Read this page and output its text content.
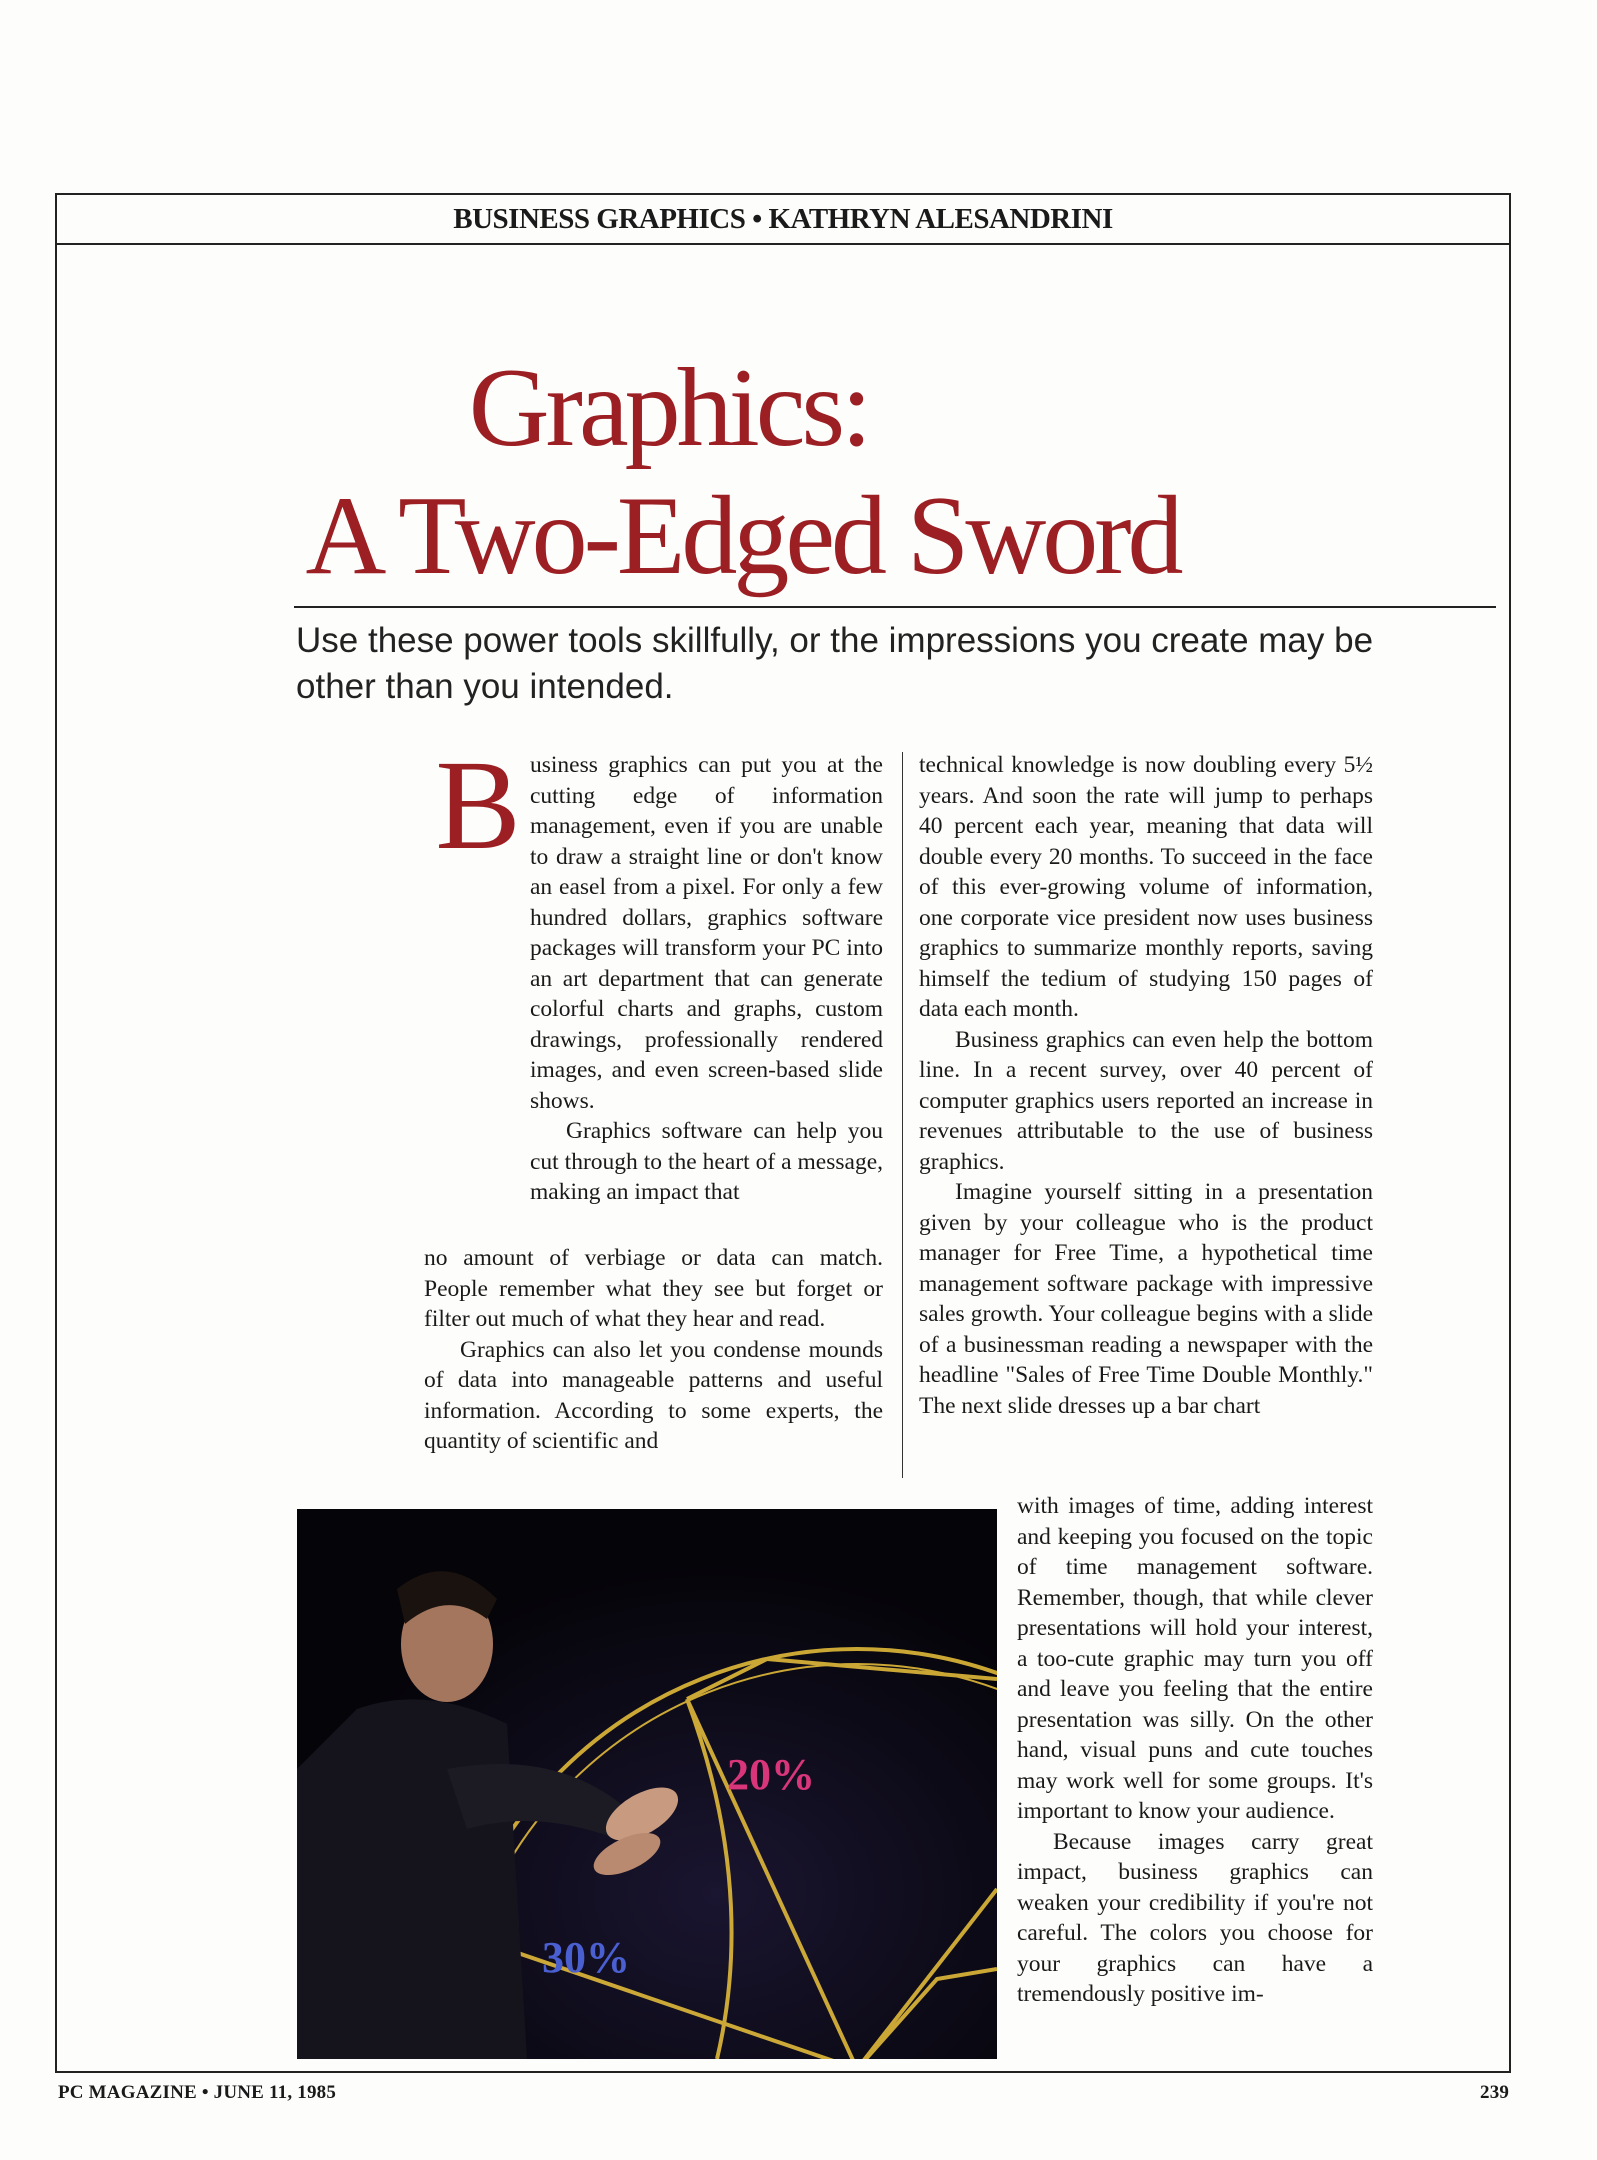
BUSINESS GRAPHICS • KATHRYN ALESANDRINI
Graphics:
A Two-Edged Sword
Use these power tools skillfully, or the impressions you create may be other than you intended.
B usiness graphics can put you at the cutting edge of information management, even if you are unable to draw a straight line or don't know an easel from a pixel. For only a few hundred dollars, graphics software packages will transform your PC into an art department that can generate colorful charts and graphs, custom drawings, professionally rendered images, and even screen-based slide shows.

Graphics software can help you cut through to the heart of a message, making an impact that

no amount of verbiage or data can match. People remember what they see but forget or filter out much of what they hear and read.

Graphics can also let you condense mounds of data into manageable patterns and useful information. According to some experts, the quantity of scientific and

technical knowledge is now doubling every 5½ years. And soon the rate will jump to perhaps 40 percent each year, meaning that data will double every 20 months. To succeed in the face of this ever-growing volume of information, one corporate vice president now uses business graphics to summarize monthly reports, saving himself the tedium of studying 150 pages of data each month.

Business graphics can even help the bottom line. In a recent survey, over 40 percent of computer graphics users reported an increase in revenues attributable to the use of business graphics.

Imagine yourself sitting in a presentation given by your colleague who is the product manager for Free Time, a hypothetical time management software package with impressive sales growth. Your colleague begins with a slide of a businessman reading a newspaper with the headline "Sales of Free Time Double Monthly." The next slide dresses up a bar chart

with images of time, adding interest and keeping you focused on the topic of time management software. Remember, though, that while clever presentations will hold your interest, a too-cute graphic may turn you off and leave you feeling that the entire presentation was silly. On the other hand, visual puns and cute touches may work well for some groups. It's important to know your audience.

Because images carry great impact, business graphics can weaken your credibility if you're not careful. The colors you choose for your graphics can have a tremendously positive im-

20%
30%
PC MAGAZINE • JUNE 11, 1985	239
